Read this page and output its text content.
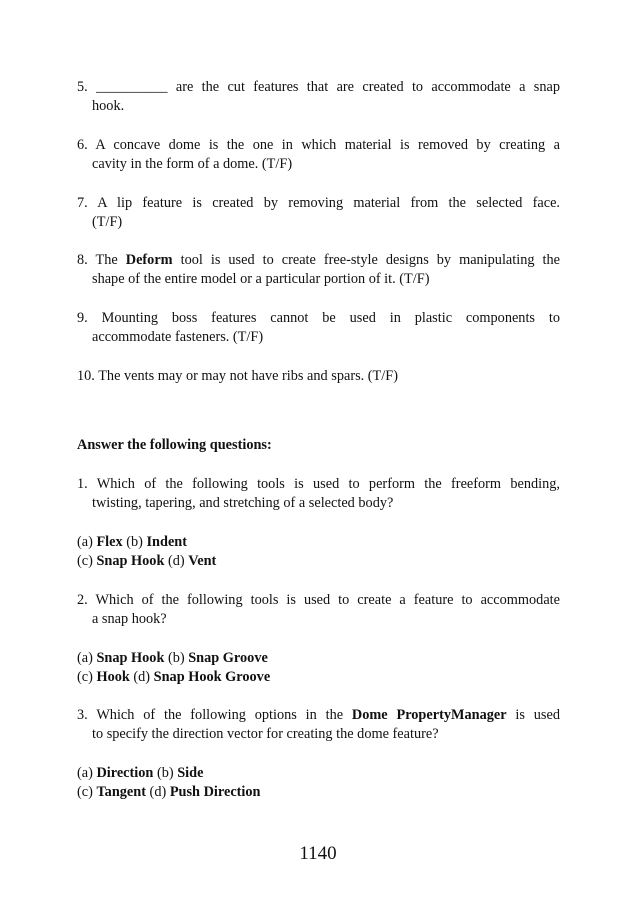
5. __________ are the cut features that are created to accommodate a snap
hook.
6. A concave dome is the one in which material is removed by creating a
cavity in the form of a dome. (T/F)
7. A lip feature is created by removing material from the selected face.
(T/F)
8. The Deform tool is used to create free-style designs by manipulating the
shape of the entire model or a particular portion of it. (T/F)
9. Mounting boss features cannot be used in plastic components to
accommodate fasteners. (T/F)
10. The vents may or may not have ribs and spars. (T/F)
Answer the following questions:
1. Which of the following tools is used to perform the freeform bending,
twisting, tapering, and stretching of a selected body?
(a) Flex (b) Indent
(c) Snap Hook (d) Vent
2. Which of the following tools is used to create a feature to accommodate
a snap hook?
(a) Snap Hook (b) Snap Groove
(c) Hook (d) Snap Hook Groove
3. Which of the following options in the Dome PropertyManager is used
to specify the direction vector for creating the dome feature?
(a) Direction (b) Side
(c) Tangent (d) Push Direction
1140
